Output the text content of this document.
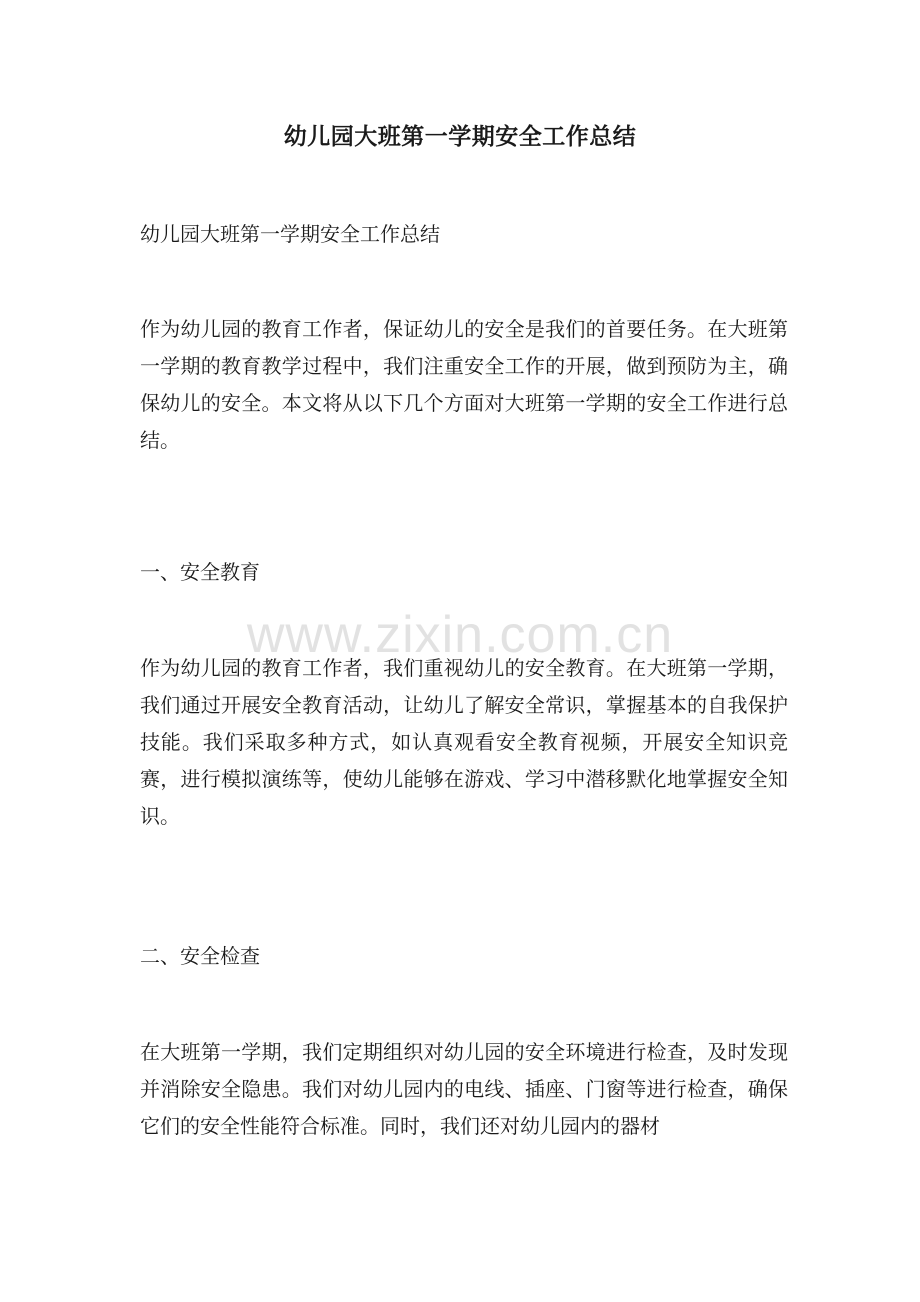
幼儿园大班第一学期安全工作总结
幼儿园大班第一学期安全工作总结
作为幼儿园的教育工作者，保证幼儿的安全是我们的首要任务。在大班第一学期的教育教学过程中，我们注重安全工作的开展，做到预防为主，确保幼儿的安全。本文将从以下几个方面对大班第一学期的安全工作进行总结。
一、安全教育
作为幼儿园的教育工作者，我们重视幼儿的安全教育。在大班第一学期，我们通过开展安全教育活动，让幼儿了解安全常识，掌握基本的自我保护技能。我们采取多种方式，如认真观看安全教育视频，开展安全知识竞赛，进行模拟演练等，使幼儿能够在游戏、学习中潜移默化地掌握安全知识。
二、安全检查
在大班第一学期，我们定期组织对幼儿园的安全环境进行检查，及时发现并消除安全隐患。我们对幼儿园内的电线、插座、门窗等进行检查，确保它们的安全性能符合标准。同时，我们还对幼儿园内的器材
www.zixin.com.cn
